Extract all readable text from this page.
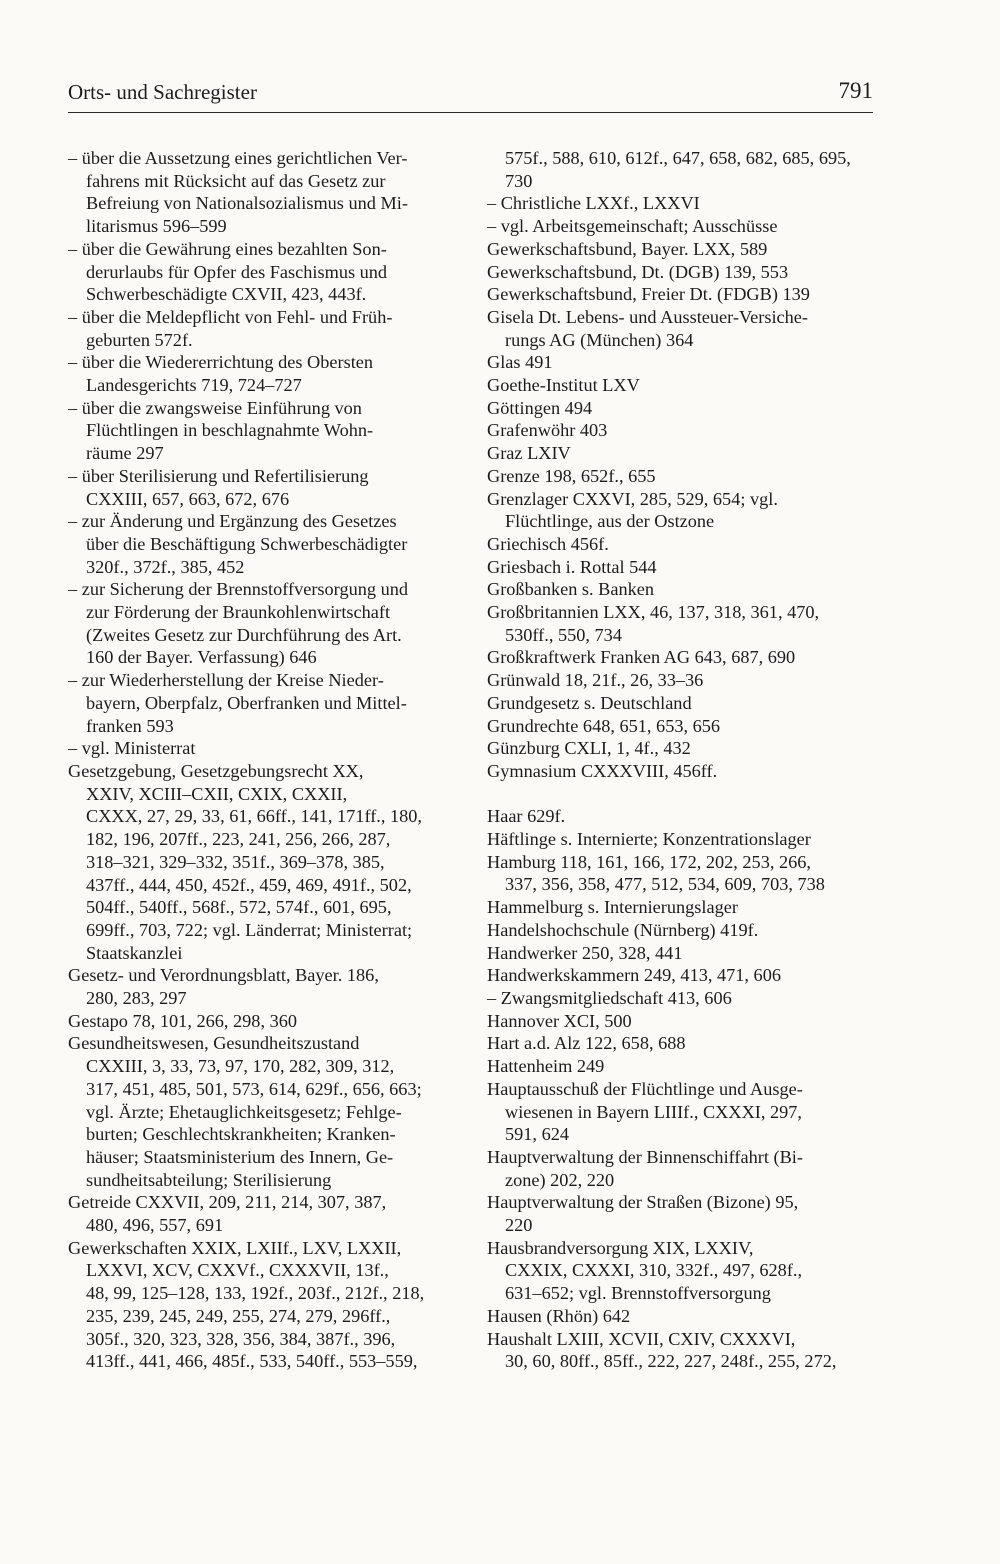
Orts- und Sachregister	791
– über die Aussetzung eines gerichtlichen Ver-
fahrens mit Rücksicht auf das Gesetz zur
Befreiung von Nationalsozialismus und Mi-
litarismus 596–599
– über die Gewährung eines bezahlten Son-
derurlaubs für Opfer des Faschismus und
Schwerbeschädigte CXVII, 423, 443f.
– über die Meldepflicht von Fehl- und Früh-
geburten 572f.
– über die Wiedererrichtung des Obersten
Landesgerichts 719, 724–727
– über die zwangsweise Einführung von
Flüchtlingen in beschlagnahmte Wohn-
räume 297
– über Sterilisierung und Refertilisierung
CXXIII, 657, 663, 672, 676
– zur Änderung und Ergänzung des Gesetzes
über die Beschäftigung Schwerbeschädigter
320f., 372f., 385, 452
– zur Sicherung der Brennstoffversorgung und
zur Förderung der Braunkohlenwirtschaft
(Zweites Gesetz zur Durchführung des Art.
160 der Bayer. Verfassung) 646
– zur Wiederherstellung der Kreise Nieder-
bayern, Oberpfalz, Oberfranken und Mittel-
franken 593
– vgl. Ministerrat
Gesetzgebung, Gesetzgebungsrecht XX,
XXIV, XCIII–CXII, CXIX, CXXII,
CXXX, 27, 29, 33, 61, 66ff., 141, 171ff., 180,
182, 196, 207ff., 223, 241, 256, 266, 287,
318–321, 329–332, 351f., 369–378, 385,
437ff., 444, 450, 452f., 459, 469, 491f., 502,
504ff., 540ff., 568f., 572, 574f., 601, 695,
699ff., 703, 722; vgl. Länderrat; Ministerrat;
Staatskanzlei
Gesetz- und Verordnungsblatt, Bayer. 186,
280, 283, 297
Gestapo 78, 101, 266, 298, 360
Gesundheitswesen, Gesundheitszustand
CXXIII, 3, 33, 73, 97, 170, 282, 309, 312,
317, 451, 485, 501, 573, 614, 629f., 656, 663;
vgl. Ärzte; Ehetauglichkeitsgesetz; Fehlge-
burten; Geschlechtskrankheiten; Kranken-
häuser; Staatsministerium des Innern, Ge-
sundheitsabteilung; Sterilisierung
Getreide CXXVII, 209, 211, 214, 307, 387,
480, 496, 557, 691
Gewerkschaften XXIX, LXIIf., LXV, LXXII,
LXXVI, XCV, CXXVf., CXXXVII, 13f.,
48, 99, 125–128, 133, 192f., 203f., 212f., 218,
235, 239, 245, 249, 255, 274, 279, 296ff.,
305f., 320, 323, 328, 356, 384, 387f., 396,
413ff., 441, 466, 485f., 533, 540ff., 553–559,
575f., 588, 610, 612f., 647, 658, 682, 685, 695,
730
– Christliche LXXf., LXXVI
– vgl. Arbeitsgemeinschaft; Ausschüsse
Gewerkschaftsbund, Bayer. LXX, 589
Gewerkschaftsbund, Dt. (DGB) 139, 553
Gewerkschaftsbund, Freier Dt. (FDGB) 139
Gisela Dt. Lebens- und Aussteuer-Versiche-
rungs AG (München) 364
Glas 491
Goethe-Institut LXV
Göttingen 494
Grafenwöhr 403
Graz LXIV
Grenze 198, 652f., 655
Grenzlager CXXVI, 285, 529, 654; vgl.
Flüchtlinge, aus der Ostzone
Griechisch 456f.
Griesbach i. Rottal 544
Großbanken s. Banken
Großbritannien LXX, 46, 137, 318, 361, 470,
530ff., 550, 734
Großkraftwerk Franken AG 643, 687, 690
Grünwald 18, 21f., 26, 33–36
Grundgesetz s. Deutschland
Grundrechte 648, 651, 653, 656
Günzburg CXLI, 1, 4f., 432
Gymnasium CXXXVIII, 456ff.
Haar 629f.
Häftlinge s. Internierte; Konzentrationslager
Hamburg 118, 161, 166, 172, 202, 253, 266,
337, 356, 358, 477, 512, 534, 609, 703, 738
Hammelburg s. Internierungslager
Handelshochschule (Nürnberg) 419f.
Handwerker 250, 328, 441
Handwerkskammern 249, 413, 471, 606
– Zwangsmitgliedschaft 413, 606
Hannover XCI, 500
Hart a.d. Alz 122, 658, 688
Hattenheim 249
Hauptausschuß der Flüchtlinge und Ausge-
wiesenen in Bayern LIIIf., CXXXI, 297,
591, 624
Hauptverwaltung der Binnenschiffahrt (Bi-
zone) 202, 220
Hauptverwaltung der Straßen (Bizone) 95,
220
Hausbrandversorgung XIX, LXXIV,
CXXIX, CXXXI, 310, 332f., 497, 628f.,
631–652; vgl. Brennstoffversorgung
Hausen (Rhön) 642
Haushalt LXIII, XCVII, CXIV, CXXXVI,
30, 60, 80ff., 85ff., 222, 227, 248f., 255, 272,
